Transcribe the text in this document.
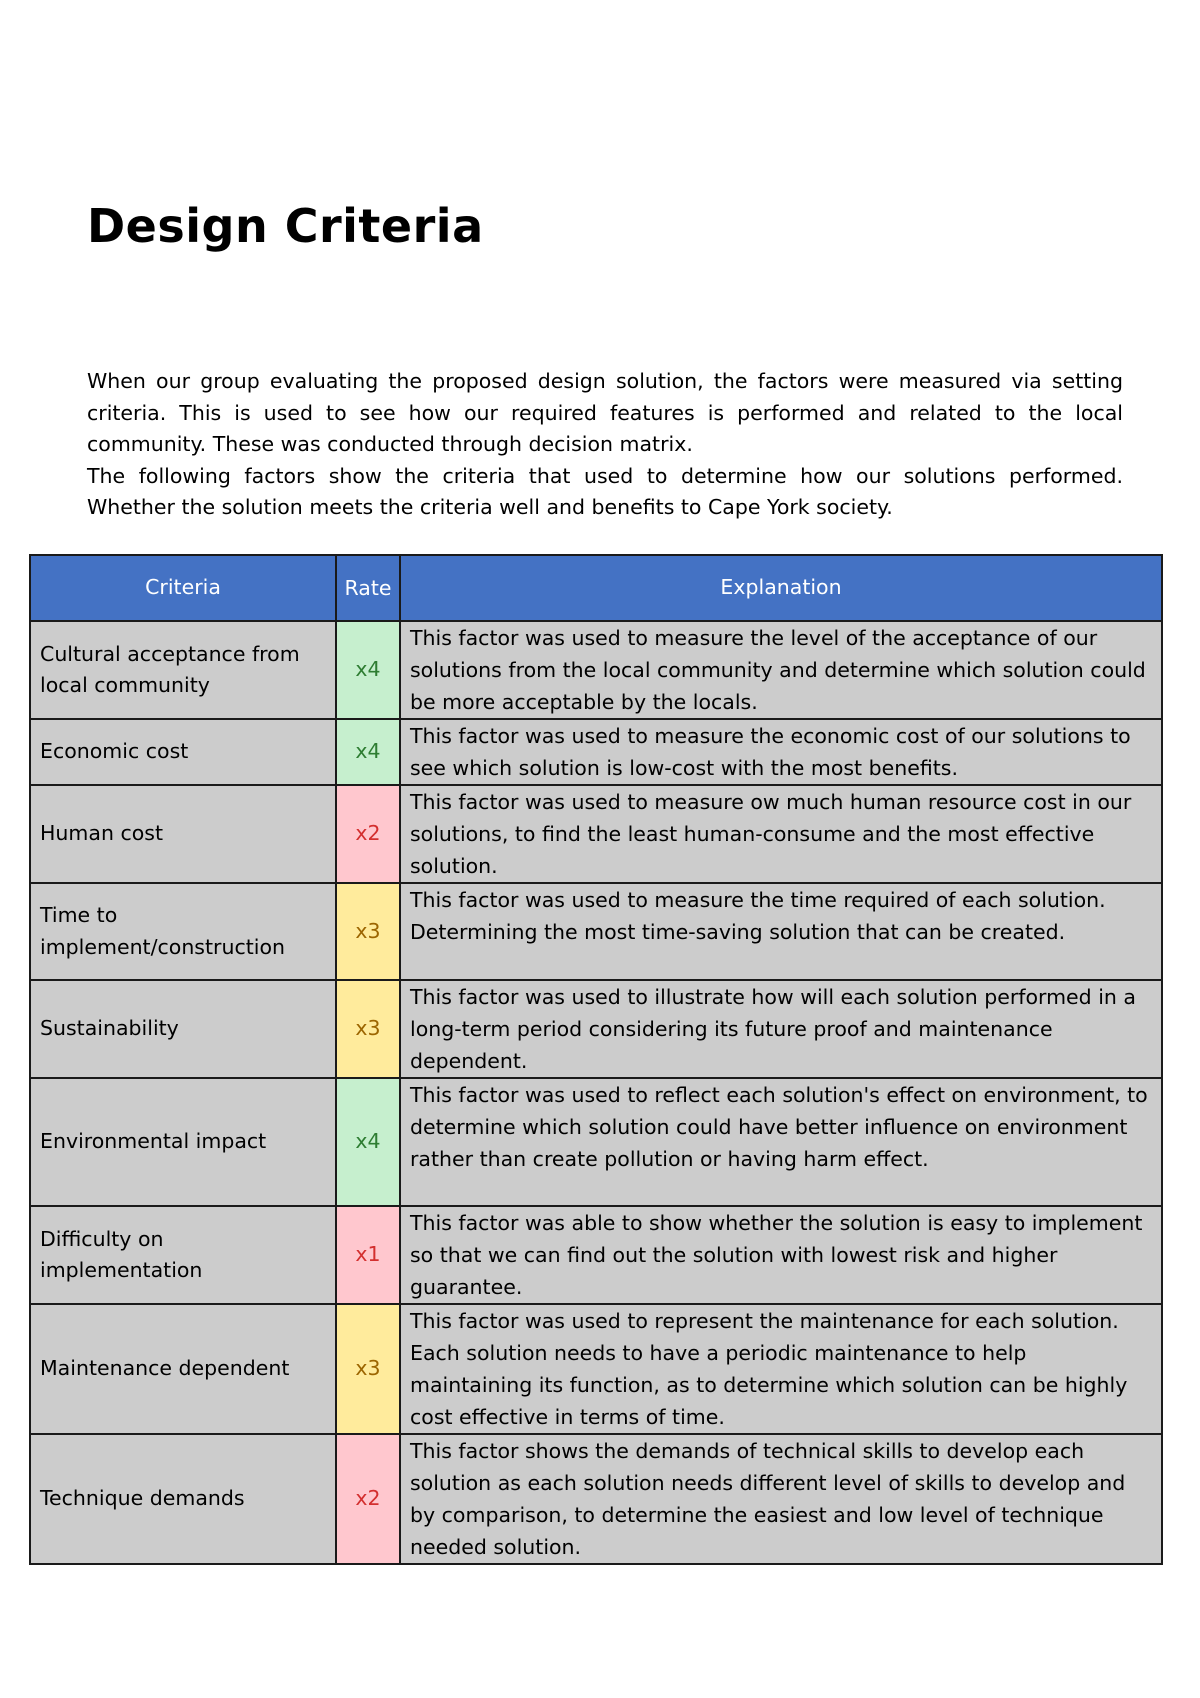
Design Criteria

When our group evaluating the proposed design solution, the factors were measured via setting criteria. This is used to see how our required features is performed and related to the local community. These was conducted through decision matrix.

The following factors show the criteria that used to determine how our solutions performed. Whether the solution meets the criteria well and benefits to Cape York society.

Criteria	Rate	Explanation
Cultural acceptance from local community	x4	This factor was used to measure the level of the acceptance of our solutions from the local community and determine which solution could be more acceptable by the locals.
Economic cost	x4	This factor was used to measure the economic cost of our solutions to see which solution is low-cost with the most benefits.
Human cost	x2	This factor was used to measure ow much human resource cost in our solutions, to find the least human-consume and the most effective solution.
Time to implement/construction	x3	This factor was used to measure the time required of each solution. Determining the most time-saving solution that can be created.
Sustainability	x3	This factor was used to illustrate how will each solution performed in a long-term period considering its future proof and maintenance dependent.
Environmental impact	x4	This factor was used to reflect each solution's effect on environment, to determine which solution could have better influence on environment rather than create pollution or having harm effect.
Difficulty on implementation	x1	This factor was able to show whether the solution is easy to implement so that we can find out the solution with lowest risk and higher guarantee.
Maintenance dependent	x3	This factor was used to represent the maintenance for each solution. Each solution needs to have a periodic maintenance to help maintaining its function, as to determine which solution can be highly cost effective in terms of time.
Technique demands	x2	This factor shows the demands of technical skills to develop each solution as each solution needs different level of skills to develop and by comparison, to determine the easiest and low level of technique needed solution.
